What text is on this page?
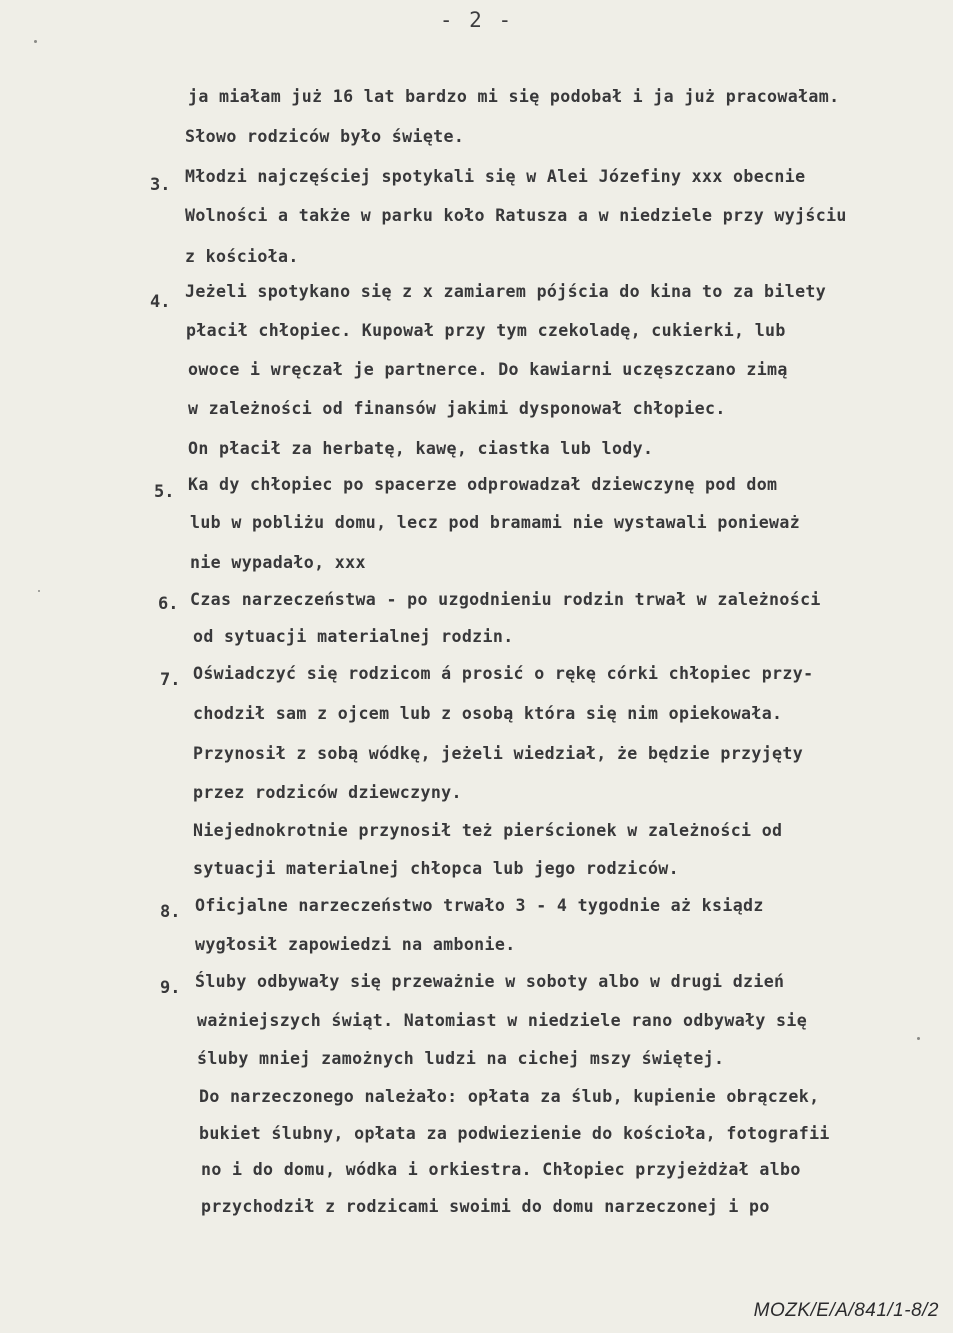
- 2 -
ja miałam już 16 lat bardzo mi się podobał i ja już pracowałam.
Słowo rodziców było święte.
3. Młodzi najczęściej spotykali się w Alei Józefiny xxx obecnie
Wolności a także w parku koło Ratusza a w niedziele przy wyjściu
z kościoła.
4.
Jeżeli spotykano się z x zamiarem pójścia do kina to za bilety
płacił chłopiec. Kupował przy tym czekoladę, cukierki, lub
owoce i wręczał je partnerce. Do kawiarni uczęszczano zimą
w zależności od finansów jakimi dysponował chłopiec.
On płacił za herbatę, kawę, ciastka lub lody.
5. Ka dy chłopiec po spacerze odprowadzał dziewczynę pod dom
lub w pobliżu domu, lecz pod bramami nie wystawali ponieważ
nie wypadało, xxx
6. Czas narzeczeństwa - po uzgodnieniu rodzin trwał w zależności
od sytuacji materialnej rodzin.
7. Oświadczyć się rodzicom á prosić o rękę córki chłopiec przy-
chodził sam z ojcem lub z osobą która się nim opiekowała.
Przynosił z sobą wódkę, jeżeli wiedział, że będzie przyjęty
przez rodziców dziewczyny.
Niejednokrotnie przynosił też pierścionek w zależności od
sytuacji materialnej chłopca lub jego rodziców.
8. Oficjalne narzeczeństwo trwało 3 - 4 tygodnie aż ksiądz
wygłosił zapowiedzi na ambonie.
9. Śluby odbywały się przeważnie w soboty albo w drugi dzień
ważniejszych świąt. Natomiast w niedziele rano odbywały się
śluby mniej zamożnych ludzi na cichej mszy świętej.
Do narzeczonego należało: opłata za ślub, kupienie obrączek,
bukiet ślubny, opłata za podwiezienie do kościoła, fotografii
no i do domu, wódka i orkiestra. Chłopiec przyjeżdżał albo
przychodził z rodzicami swoimi do domu narzeczonej i po
MOZK/E/A/841/1-8/2
